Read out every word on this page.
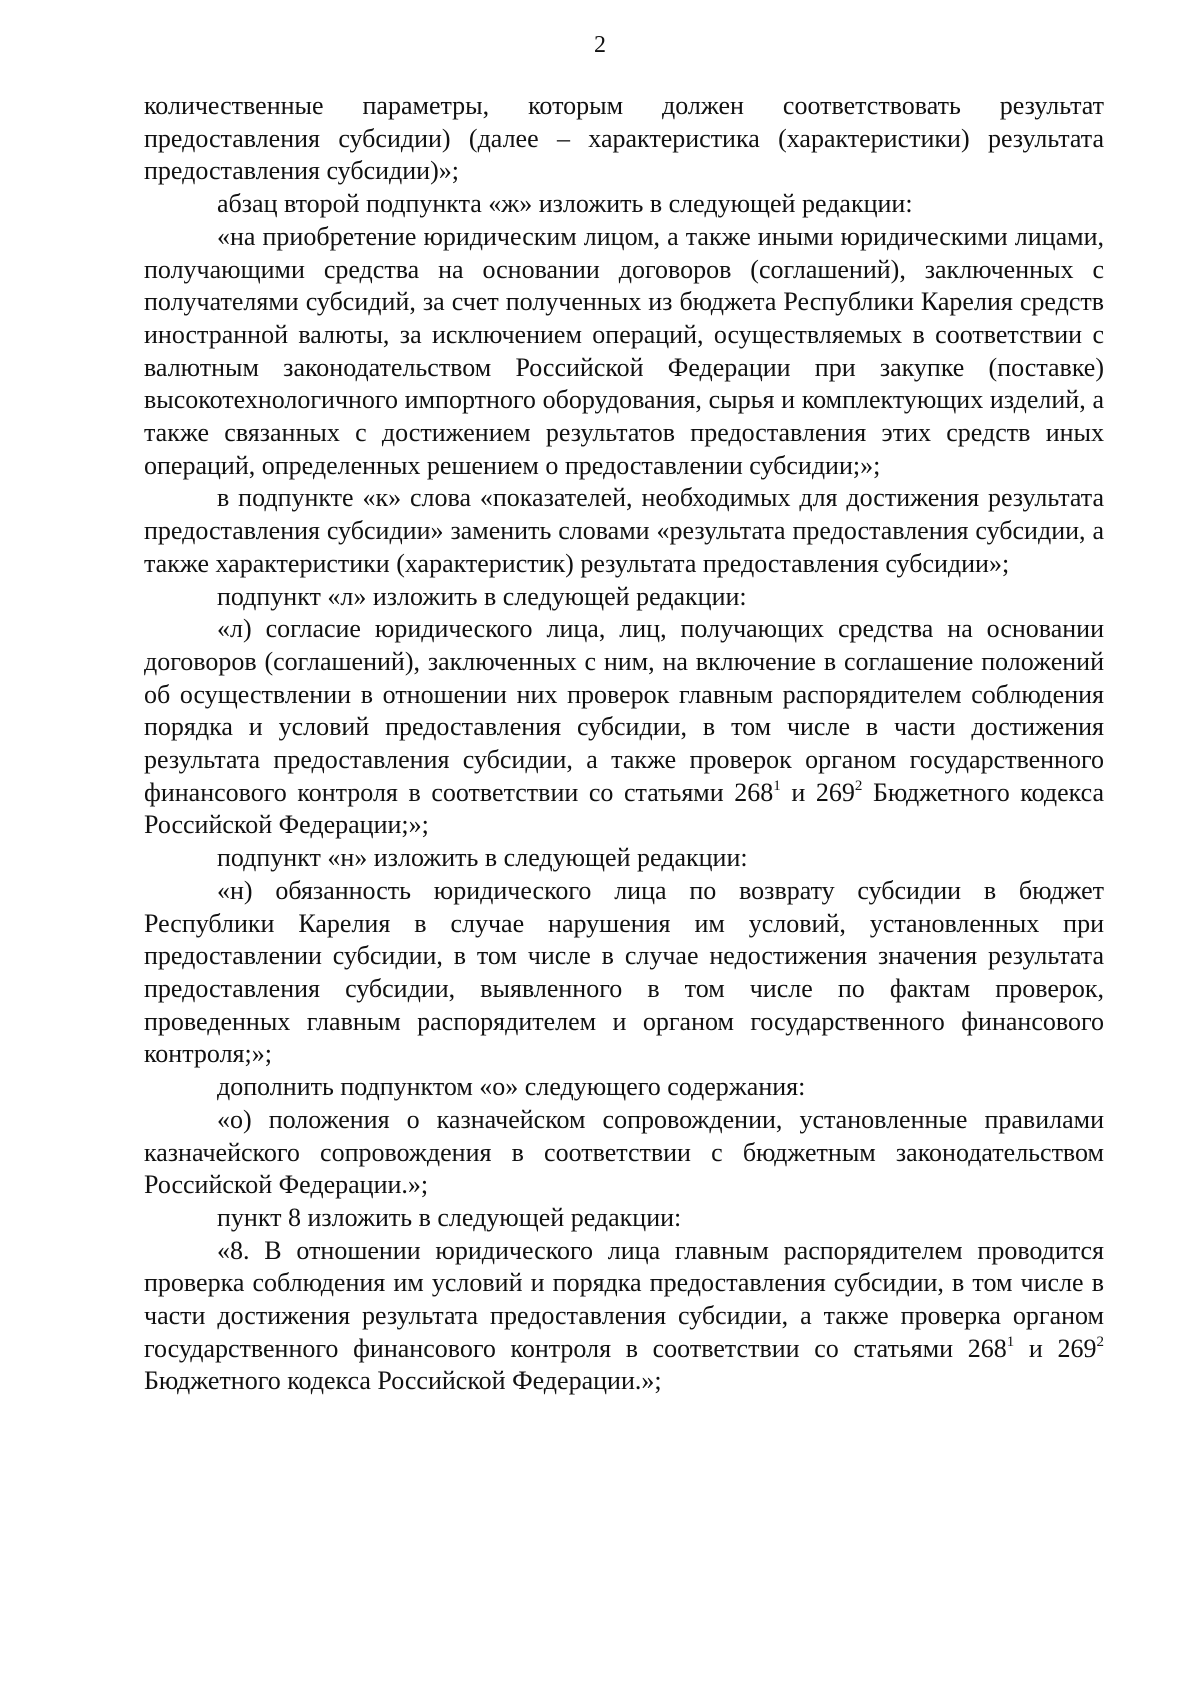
2

количественные параметры, которым должен соответствовать результат предоставления субсидии) (далее – характеристика (характеристики) результата предоставления субсидии)»;

абзац второй подпункта «ж» изложить в следующей редакции:

«на приобретение юридическим лицом, а также иными юридическими лицами, получающими средства на основании договоров (соглашений), заключенных с получателями субсидий, за счет полученных из бюджета Республики Карелия средств иностранной валюты, за исключением операций, осуществляемых в соответствии с валютным законодательством Российской Федерации при закупке (поставке) высокотехнологичного импортного оборудования, сырья и комплектующих изделий, а также связанных с достижением результатов предоставления этих средств иных операций, определенных решением о предоставлении субсидии;»;

в подпункте «к» слова «показателей, необходимых для достижения результата предоставления субсидии» заменить словами «результата предоставления субсидии, а также характеристики (характеристик) результата предоставления субсидии»;

подпункт «л» изложить в следующей редакции:

«л) согласие юридического лица, лиц, получающих средства на основании договоров (соглашений), заключенных с ним, на включение в соглашение положений об осуществлении в отношении них проверок главным распорядителем соблюдения порядка и условий предоставления субсидии, в том числе в части достижения результата предоставления субсидии, а также проверок органом государственного финансового контроля в соответствии со статьями $268^1$ и $269^2$ Бюджетного кодекса Российской Федерации;»;

подпункт «н» изложить в следующей редакции:

«н) обязанность юридического лица по возврату субсидии в бюджет Республики Карелия в случае нарушения им условий, установленных при предоставлении субсидии, в том числе в случае недостижения значения результата предоставления субсидии, выявленного в том числе по фактам проверок, проведенных главным распорядителем и органом государственного финансового контроля;»;

дополнить подпунктом «о» следующего содержания:

«о) положения о казначейском сопровождении, установленные правилами казначейского сопровождения в соответствии с бюджетным законодательством Российской Федерации.»;

пункт 8 изложить в следующей редакции:

«8. В отношении юридического лица главным распорядителем проводится проверка соблюдения им условий и порядка предоставления субсидии, в том числе в части достижения результата предоставления субсидии, а также проверка органом государственного финансового контроля в соответствии со статьями $268^1$ и $269^2$ Бюджетного кодекса Российской Федерации.»;
